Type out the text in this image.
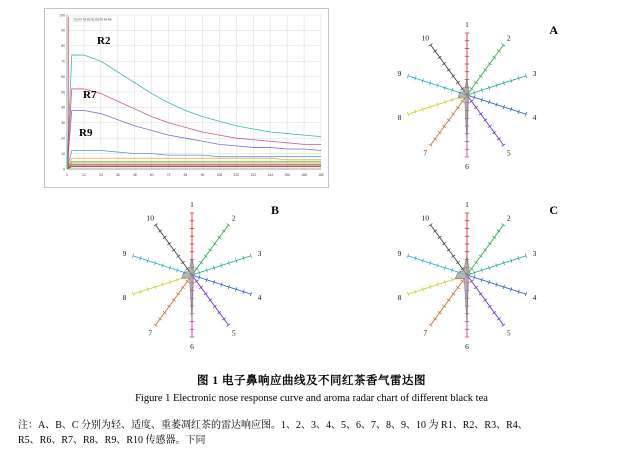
0	12	24	36	48	60	72	84	96	108	120	132	144	156	168	180
0
10
20
30
40
50
60
70
80
90
100
R2 R7 R9 R6 R1 R5 R3 R4 R8
R2
R7
R9
A
1
2
3
4
5
6
7
8
9
10
B
1
2
3
4
5
6
7
8
9
10
C
1
2
3
4
5
6
7
8
9
10
图 1 电子鼻响应曲线及不同红茶香气雷达图
Figure 1 Electronic nose response curve and aroma radar chart of different black tea
注：A、B、C 分别为轻、适度、重萎凋红茶的雷达响应图。1、2、3、4、5、6、7、8、9、10 为 R1、R2、R3、R4、
R5、R6、R7、R8、R9、R10 传感器。下同
